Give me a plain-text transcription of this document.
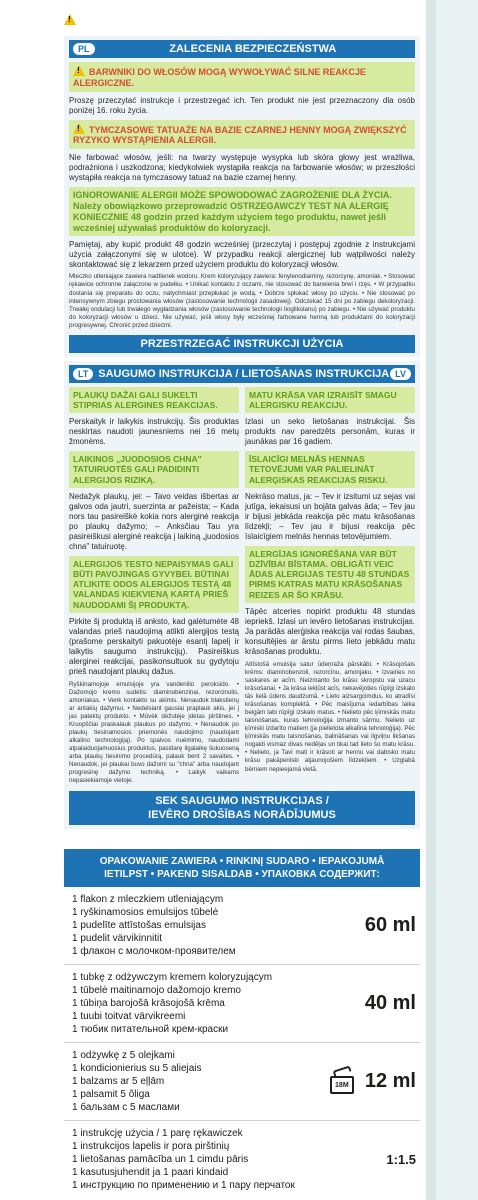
PL	ZALECENIA BEZPIECZEŃSTWA
!BARWNIKI DO WŁOSÓW MOGĄ WYWOŁYWAĆ SILNE REAKCJE ALERGICZNE.

Proszę przeczytać instrukcje i przestrzegać ich. Ten produkt nie jest przeznaczony dla osób poniżej 16. roku życia.

!TYMCZASOWE TATUAŻE NA BAZIE CZARNEJ HENNY MOGĄ ZWIĘKSZYĆ RYZYKO WYSTĄPIENIA ALERGII.

Nie farbować włosów, jeśli: na twarzy występuje wysypka lub skóra głowy jest wrażliwa, podrażniona i uszkodzona; kiedykolwiek wystąpiła reakcja na farbowanie włosów; w przeszłości wystąpiła reakcja na tymczasowy tatuaż na bazie czarnej henny.

IGNOROWANIE ALERGII MOŻE SPOWODOWAĆ ZAGROŻENIE DLA ŻYCIA. Należy obowiązkowo przeprowadzić OSTRZEGAWCZY TEST NA ALERGIĘ KONIECZNIE 48 godzin przed każdym użyciem tego produktu, nawet jeśli wcześniej używałaś produktów do koloryzacji.

Pamiętaj, aby kupić produkt 48 godzin wcześniej (przeczytaj i postępuj zgodnie z instrukcjami użycia załączonymi się w ulotce). W przypadku reakcji alergicznej lub wątpliwości należy skontaktować się z lekarzem przed użyciem produktu do koloryzacji włosów.

Mleczko utleniające zawiera nadtlenek wodoru. Krem koloryzujący zawiera: fenylenodiaminy, rezorcynę, amoniak. • Stosować rękawice ochronne załączone w pudełku. • Unikać kontaktu z oczami, nie stosować do barwienia brwi i rzęs. • W przypadku dostania się preparatu do oczu, natychmiast przepłukać je wodą. • Dobrze spłukać włosy po użyciu. • Nie stosować po intensywnym zbiegu prostowania włosów (zastosowanie technologii zasadowej). Odczekać 15 dni po zabiegu dekoloryzacji. Trwałej ondulacji lub trwałego wygładzania włosów (zastosowanie technologii tioglikolanu) po zabiegu. • Nie używać produktu do koloryzacji włosów u dzieci. Nie używać, jeśli włosy były wcześniej farbowane henną lub produktami do koloryzacji progresywnej. Chronić przed dziećmi.

PRZESTRZEGAĆ INSTRUKCJI UŻYCIA
LT SAUGUMO INSTRUKCIJA / LIETOŠANAS INSTRUKCIJA LV
PLAUKŲ DAŽAI GALI SUKELTI STIPRIAS ALERGINES REAKCIJAS.

Perskaityk ir laikykis instrukcijų. Šis produktas neskirtas naudoti jaunesniems nei 16 metų žmonėms.

LAIKINOS „JUODOSIOS CHNA" TATUIRUOTĖS GALI PADIDINTI ALERGIJOS RIZIKĄ.

Nedažyk plaukų, jei: – Tavo veidas išbertas ar galvos oda jautri, suerzinta ar pažeista; – Kada nors tau pasireiškė kokia nors alerginė reakcija po plaukų dažymo; – Anksčiau Tau yra pasireiškusi alerginė reakcija į laikiną „juodosios chna" tatuiruotę.

ALERGIJOS TESTO NEPAISYMAS GALI BŪTI PAVOJINGAS GYVYBEI. BŪTINAI ATLIKITE ODOS ALERGIJOS TESTĄ 48 VALANDAS KIEKVIENĄ KARTĄ PRIEŠ NAUDODAMI ŠĮ PRODUKTĄ.

Pirkite šį produktą iš anksto, kad galėtumėte 48 valandas prieš naudojimą atlikti alergijos testą (prašome perskaityti pakuotėje esantį lapelį ir laikytis saugumo instrukcijų). Pasireiškus alerginei reakcijai, pasikonsultuok su gydytoju prieš naudojant plaukų dažus.

Ryškinamojoje emulsijoje yra vandenilio peroksido. • Dažomojo kremo sudėtis: diaminobenzinai, rezorcinolis, amoniakas. • Venk kontakto su akimis. Nenaudok blakstienų ar antakių dažymui. • Nedelsiant gausiai praplauk akis, jei į jas patektų produkto. • Mūvėk dėžutėje įdėtas pirštines. • Kruopščiai praskalauk plaukus po dažymo. • Nenaudok po plaukų tiesinamosios priemonės naudojimo (naudojant alkalino technologiją). Po spalvos nuėmimo, naudodami atpalaiduojamuosius produktus, pasidarę ilgalaikę šukuoseną arba plaukų tiesinimo procedūrą, palauk bent 2 savaites. • Nenaudok, jei plaukai buvo dažomi su "chna" arba naudojant progresinę dažymo techniką. • Laikyk vaikams nepasiekiamoje vietoje.

MATU KRĀSA VAR IZRAISĪT SMAGU ALERGISKU REAKCIJU.

Izlasi un seko lietošanas instrukcijai. Šis produkts nav paredzēts personām, kuras ir jaunākas par 16 gadiem.

ĪSLAICĪGI MELNĀS HENNAS TETOVĒJUMI VAR PALIELINĀT ALERĢISKAS REAKCIJAS RISKU.

Nekrāso matus, ja: – Tev ir izsitumi uz sejas vai jutīga, iekaisusi un bojāta galvas āda; – Tev jau ir bijusi jebkāda reakcija pēc matu krāsošanas līdzekļi; – Tev jau ir bijusi reakcija pēc īslaicīgiem melnās hennas tetovējumiem.

ALERGĪJAS IGNORĒŠANA VAR BŪT DZĪVĪBAI BĪSTAMA. OBLIGĀTI VEIC ĀDAS ALERGIJAS TESTU 48 STUNDAS PIRMS KATRAS MATU KRĀSOŠANAS REIZES AR ŠO KRĀSU.

Tāpēc atceries nopirkt produktu 48 stundas iepriekš. Izlasi un ievēro lietošanas instrukcijas. Ja parādās alerģiska reakcija vai rodas šaubas, konsultējies ar ārstu pirms lieto jebkādu matu krāsošanas produktu.

Attīstošā emulsija satur ūdeņraža pārskābi. • Krāsojošais krēms: diaminobenzoli, rezorcīnu, amonjaku. • Izvairies no saskares ar acīm. Neizmanto šo krāsu skropstu vai uzacu krāsošanai. • Ja krāsa iekļūst acīs, nekavējoties rūpīgi izskalo tās lielā ūdens daudzumā. • Lieto aizsargcimdus, ko atradīsi krāsošanas komplektā. • Pēc maisījuma iedarbības laika beigām labi rūpīgi izskalo matus. • Nelieto pēc ķīmiskās matu taisnošanas, kuras tehnoloģija izmanto sārmu. Nelieto uz ķīmiski izdarīto matiem (ja pielietota alkalīna tehnoloģija). Pēc ķīmiskās matu taisnošanas, balināšanas vai ilgviļņu likšanas nogaidi vismaz divas nedēļas un tikai tad lieto šo matu krāsu. • Nelieto, ja Tavi mati ir krāsoti ar hennu vai dabisko matu krāsu pakāpeniski atjaunojošiem līdzekļiem. • Uzglabā bērniem nepieejamā vietā.

SEK SAUGUMO INSTRUKCIJAS /
IEVĒRO DROŠĪBAS NORĀDĪJUMUS
OPAKOWANIE ZAWIERA • RINKINĮ SUDARO • IEPAKOJUMĀ
IETILPST • PAKEND SISALDAB • УПАКОВКА СОДЕРЖИТ:
1 flakon z mleczkiem utleniającym
1 ryškinamosios emulsijos tūbelė
1 pudelīte attīstošas emulsijas
1 pudelit värvikinnitit
1 флакон с молочком-проявителем
60 ml
1 tubkę z odżywczym kremem koloryzującym
1 tūbelė maitinamojo dažomojo kremo
1 tūbiņa barojošā krāsojošā krēma
1 tuubi toitvat värvikreemi
1 тюбик питательной крем-краски
40 ml
1 odżywkę z 5 olejkami
1 kondicionierius su 5 aliejais
1 balzams ar 5 eļļām
1 palsamit 5 õliga
1 бальзам с 5 маслами
18M 12 ml
1 instrukcję użycia / 1 parę rękawiczek
1 instrukcijos lapelis ir pora pirštinių
1 lietošanas pamācība un 1 cimdu pāris
1 kasutusjuhendit ja 1 paari kindaid
1 инструкцию по применению и 1 пару перчаток
1:1.5
